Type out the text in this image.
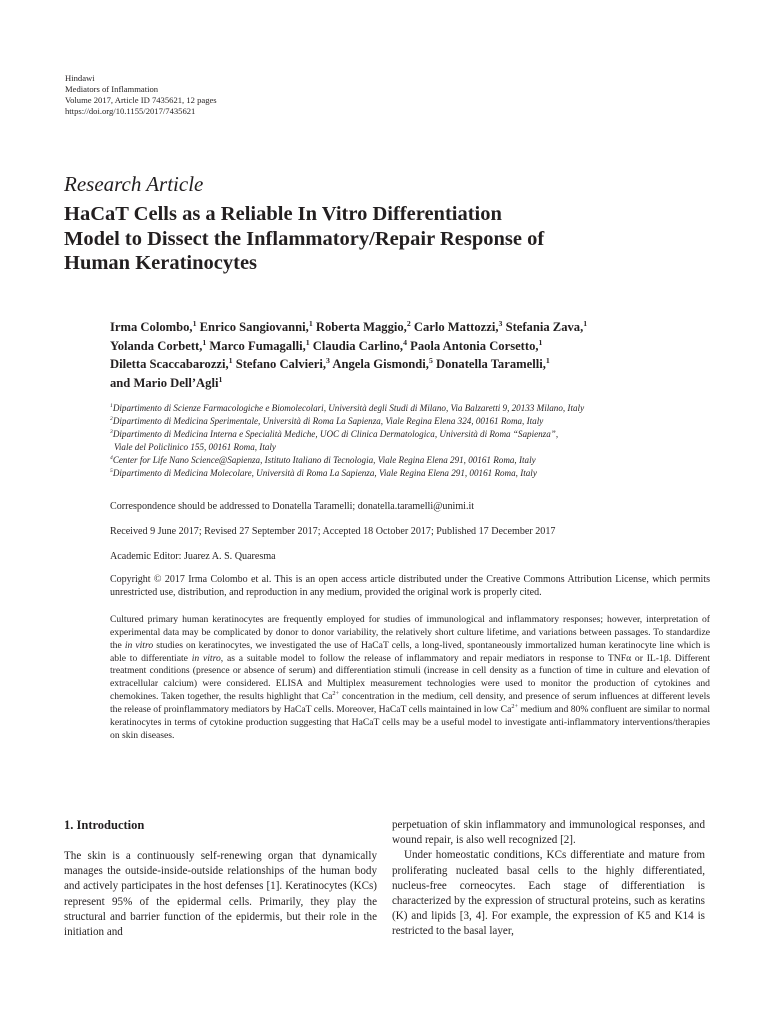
Hindawi
Mediators of Inflammation
Volume 2017, Article ID 7435621, 12 pages
https://doi.org/10.1155/2017/7435621
Research Article
HaCaT Cells as a Reliable In Vitro Differentiation
Model to Dissect the Inflammatory/Repair Response of
Human Keratinocytes
Irma Colombo,$^1$ Enrico Sangiovanni,$^1$ Roberta Maggio,$^2$ Carlo Mattozzi,$^3$ Stefania Zava,$^1$
Yolanda Corbett,$^1$ Marco Fumagalli,$^1$ Claudia Carlino,$^4$ Paola Antonia Corsetto,$^1$
Diletta Scaccabarozzi,$^1$ Stefano Calvieri,$^3$ Angela Gismondi,$^5$ Donatella Taramelli,$^1$
and Mario Dell’Agli$^1$
$^1$Dipartimento di Scienze Farmacologiche e Biomolecolari, Università degli Studi di Milano, Via Balzaretti 9, 20133 Milano, Italy
$^2$Dipartimento di Medicina Sperimentale, Università di Roma La Sapienza, Viale Regina Elena 324, 00161 Roma, Italy
$^3$Dipartimento di Medicina Interna e Specialità Mediche, UOC di Clinica Dermatologica, Università di Roma “Sapienza”,
Viale del Policlinico 155, 00161 Roma, Italy
$^4$Center for Life Nano Science@Sapienza, Istituto Italiano di Tecnologia, Viale Regina Elena 291, 00161 Roma, Italy
$^5$Dipartimento di Medicina Molecolare, Università di Roma La Sapienza, Viale Regina Elena 291, 00161 Roma, Italy
Correspondence should be addressed to Donatella Taramelli; donatella.taramelli@unimi.it
Received 9 June 2017; Revised 27 September 2017; Accepted 18 October 2017; Published 17 December 2017
Academic Editor: Juarez A. S. Quaresma
Copyright © 2017 Irma Colombo et al. This is an open access article distributed under the Creative Commons Attribution License, which permits unrestricted use, distribution, and reproduction in any medium, provided the original work is properly cited.
Cultured primary human keratinocytes are frequently employed for studies of immunological and inflammatory responses; however, interpretation of experimental data may be complicated by donor to donor variability, the relatively short culture lifetime, and variations between passages. To standardize the in vitro studies on keratinocytes, we investigated the use of HaCaT cells, a long-lived, spontaneously immortalized human keratinocyte line which is able to differentiate in vitro, as a suitable model to follow the release of inflammatory and repair mediators in response to TNFα or IL-1β. Different treatment conditions (presence or absence of serum) and differentiation stimuli (increase in cell density as a function of time in culture and elevation of extracellular calcium) were considered. ELISA and Multiplex measurement technologies were used to monitor the production of cytokines and chemokines. Taken together, the results highlight that $Ca^{2+}$ concentration in the medium, cell density, and presence of serum influences at different levels the release of proinflammatory mediators by HaCaT cells. Moreover, HaCaT cells maintained in low $Ca^{2+}$ medium and 80% confluent are similar to normal keratinocytes in terms of cytokine production suggesting that HaCaT cells may be a useful model to investigate anti-inflammatory interventions/therapies on skin diseases.
1. Introduction

The skin is a continuously self-renewing organ that dynamically manages the outside-inside-outside relationships of the human body and actively participates in the host defenses [1]. Keratinocytes (KCs) represent 95% of the epidermal cells. Primarily, they play the structural and barrier function of the epidermis, but their role in the initiation and

perpetuation of skin inflammatory and immunological responses, and wound repair, is also well recognized [2].

Under homeostatic conditions, KCs differentiate and mature from proliferating nucleated basal cells to the highly differentiated, nucleus-free corneocytes. Each stage of differentiation is characterized by the expression of structural proteins, such as keratins (K) and lipids [3, 4]. For example, the expression of K5 and K14 is restricted to the basal layer,
